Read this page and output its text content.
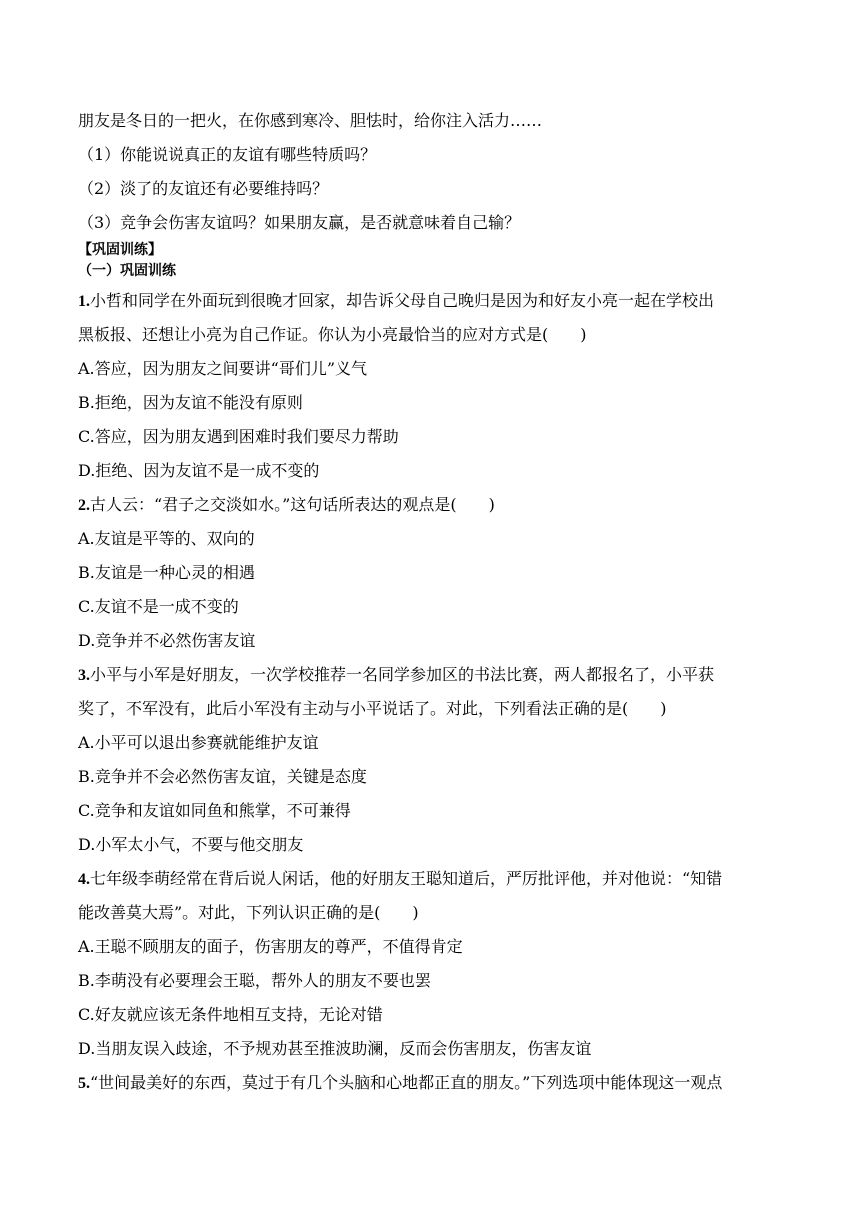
朋友是冬日的一把火，在你感到寒冷、胆怯时，给你注入活力……
（1）你能说说真正的友谊有哪些特质吗？
（2）淡了的友谊还有必要维持吗？
（3）竞争会伤害友谊吗？如果朋友赢，是否就意味着自己输？
【巩固训练】
（一）巩固训练
1.小哲和同学在外面玩到很晚才回家，却告诉父母自己晚归是因为和好友小亮一起在学校出
黑板报、还想让小亮为自己作证。你认为小亮最恰当的应对方式是(　　)
A.答应，因为朋友之间要讲“哥们儿”义气
B.拒绝，因为友谊不能没有原则
C.答应，因为朋友遇到困难时我们要尽力帮助
D.拒绝、因为友谊不是一成不变的
2.古人云：“君子之交淡如水。”这句话所表达的观点是(　　)
A.友谊是平等的、双向的
B.友谊是一种心灵的相遇
C.友谊不是一成不变的
D.竞争并不必然伤害友谊
3.小平与小军是好朋友，一次学校推荐一名同学参加区的书法比赛，两人都报名了，小平获
奖了，不军没有，此后小军没有主动与小平说话了。对此，下列看法正确的是(　　)
A.小平可以退出参赛就能维护友谊
B.竞争并不会必然伤害友谊，关键是态度
C.竞争和友谊如同鱼和熊掌，不可兼得
D.小军太小气，不要与他交朋友
4.七年级李萌经常在背后说人闲话，他的好朋友王聪知道后，严厉批评他，并对他说：“知错
能改善莫大焉”。对此，下列认识正确的是(　　)
A.王聪不顾朋友的面子，伤害朋友的尊严，不值得肯定
B.李萌没有必要理会王聪，帮外人的朋友不要也罢
C.好友就应该无条件地相互支持，无论对错
D.当朋友误入歧途，不予规劝甚至推波助澜，反而会伤害朋友，伤害友谊
5.“世间最美好的东西，莫过于有几个头脑和心地都正直的朋友。”下列选项中能体现这一观点
